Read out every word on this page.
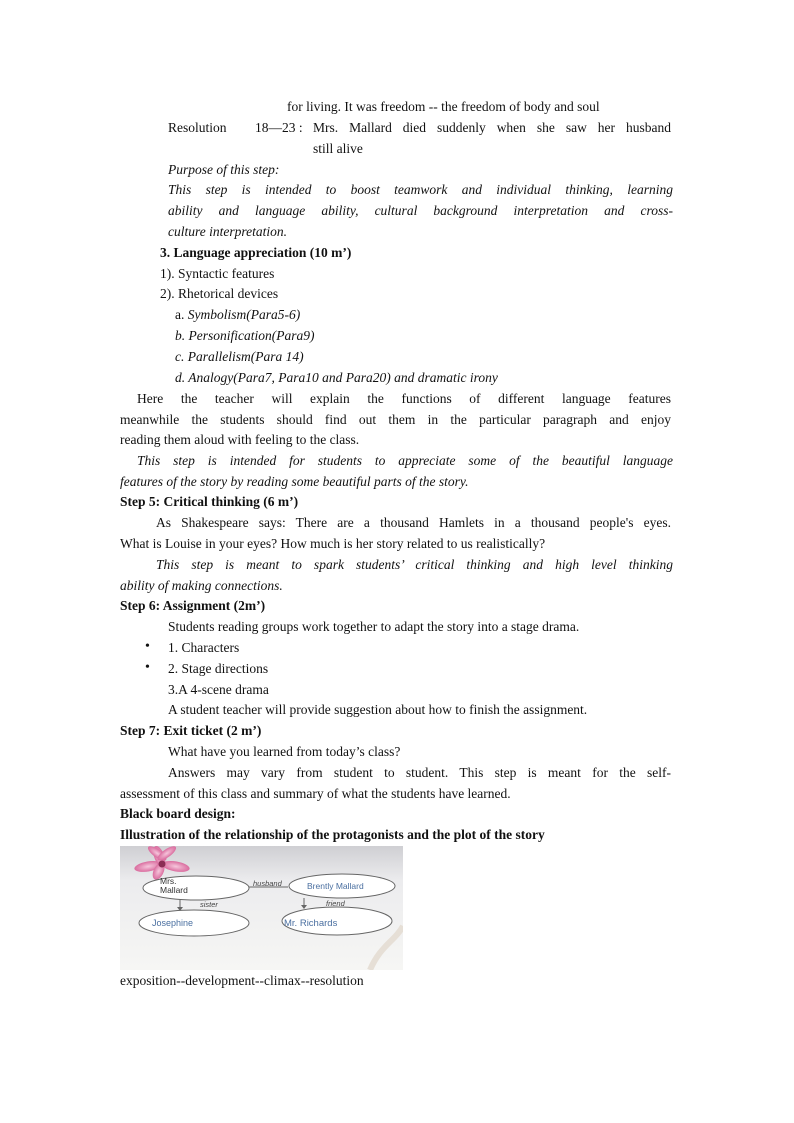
for living. It was freedom -- the freedom of body and soul
Resolution 18—23 : Mrs. Mallard died suddenly when she saw her husband
still alive
Purpose of this step:
This step is intended to boost teamwork and individual thinking, learning
ability and language ability, cultural background interpretation and cross-
culture interpretation.
3. Language appreciation (10 m’)
1). Syntactic features
2). Rhetorical devices
a. Symbolism(Para5-6)
b. Personification(Para9)
c. Parallelism(Para 14)
d. Analogy(Para7, Para10 and Para20) and dramatic irony
Here the teacher will explain the functions of different language features
meanwhile the students should find out them in the particular paragraph and enjoy
reading them aloud with feeling to the class.
This step is intended for students to appreciate some of the beautiful language
features of the story by reading some beautiful parts of the story.
Step 5: Critical thinking (6 m’)
As Shakespeare says: There are a thousand Hamlets in a thousand people's eyes.
What is Louise in your eyes? How much is her story related to us realistically?
This step is meant to spark students’ critical thinking and high level thinking
ability of making connections.
Step 6: Assignment (2m’)
Students reading groups work together to adapt the story into a stage drama.
• 1. Characters
• 2. Stage directions
3.A 4-scene drama
A student teacher will provide suggestion about how to finish the assignment.
Step 7: Exit ticket (2 m’)
What have you learned from today’s class?
Answers may vary from student to student. This step is meant for the self-
assessment of this class and summary of what the students have learned.
Black board design:
Illustration of the relationship of the protagonists and the plot of the story
Mrs. Mallard	Brently Mallard
Josephine	Mr. Richards
husband
sister	friend
exposition--development--climax--resolution
